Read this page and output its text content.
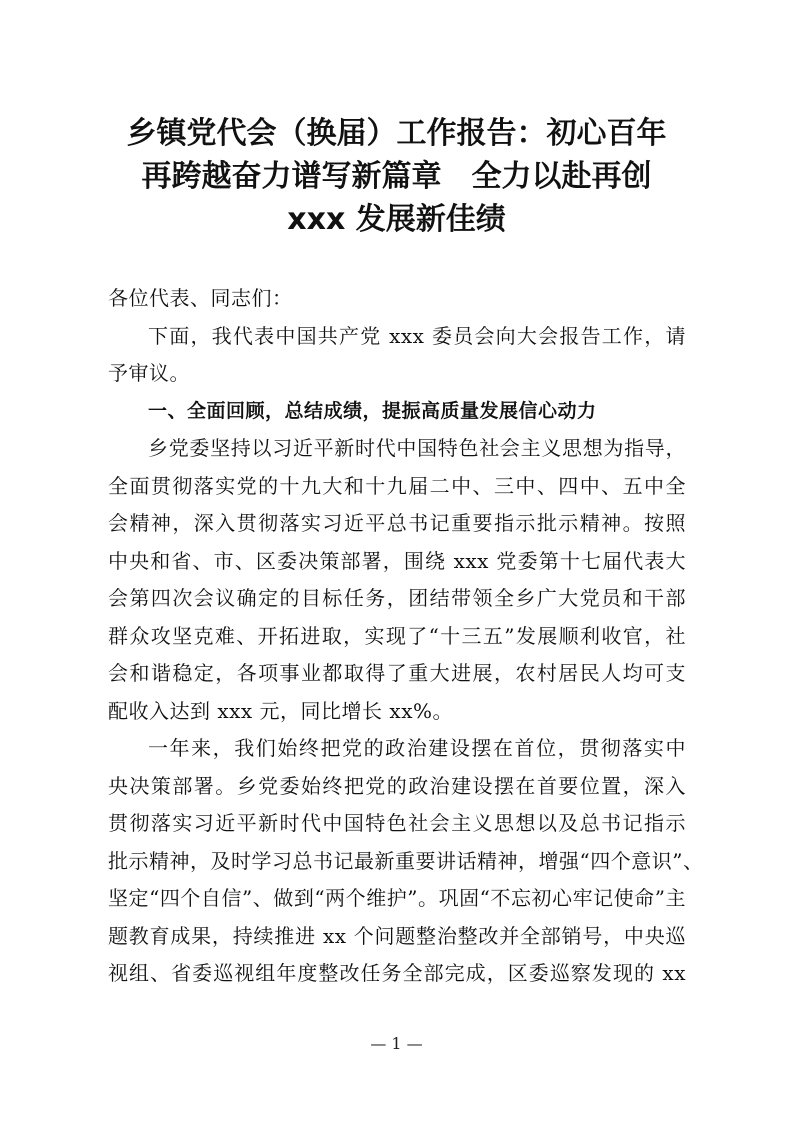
乡镇党代会（换届）工作报告：初心百年
再跨越奋力谱写新篇章　全力以赴再创
xxx 发展新佳绩
各位代表、同志们：
下面，我代表中国共产党 xxx 委员会向大会报告工作，请
予审议。
一、全面回顾，总结成绩，提振高质量发展信心动力
乡党委坚持以习近平新时代中国特色社会主义思想为指导，
全面贯彻落实党的十九大和十九届二中、三中、四中、五中全
会精神，深入贯彻落实习近平总书记重要指示批示精神。按照
中央和省、市、区委决策部署，围绕 xxx 党委第十七届代表大
会第四次会议确定的目标任务，团结带领全乡广大党员和干部
群众攻坚克难、开拓进取，实现了“十三五”发展顺利收官，社
会和谐稳定，各项事业都取得了重大进展，农村居民人均可支
配收入达到 xxx 元，同比增长 xx%。
一年来，我们始终把党的政治建设摆在首位，贯彻落实中
央决策部署。乡党委始终把党的政治建设摆在首要位置，深入
贯彻落实习近平新时代中国特色社会主义思想以及总书记指示
批示精神，及时学习总书记最新重要讲话精神，增强“四个意识”、
坚定“四个自信”、做到“两个维护”。巩固“不忘初心牢记使命”主
题教育成果，持续推进 xx 个问题整治整改并全部销号，中央巡
视组、省委巡视组年度整改任务全部完成，区委巡察发现的 xx
— 1 —
